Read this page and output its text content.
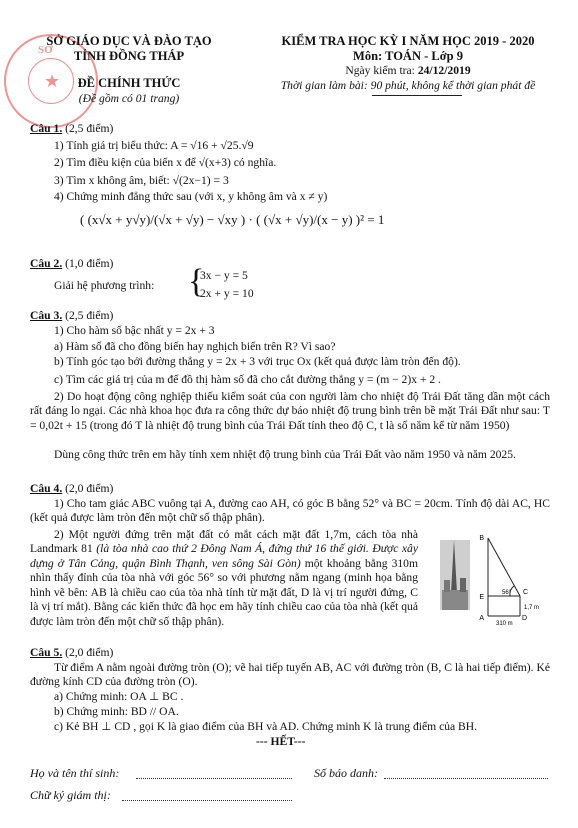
SỞ
★
SỞ GIÁO DỤC VÀ ĐÀO TẠO
TỈNH ĐỒNG THÁP
ĐỀ CHÍNH THỨC
(Đề gồm có 01 trang)
KIỂM TRA HỌC KỲ I NĂM HỌC 2019 - 2020
Môn: TOÁN - Lớp 9
Ngày kiểm tra: 24/12/2019
Thời gian làm bài: 90 phút, không kể thời gian phát đề
Câu 1. (2,5 điểm)
1) Tính giá trị biểu thức: A = √16 + √25.√9
2) Tìm điều kiện của biến x để √(x+3) có nghĩa.
3) Tìm x không âm, biết: √(2x−1) = 3
4) Chứng minh đẳng thức sau (với x, y không âm và x ≠ y)
( (x√x + y√y)/(√x + √y) − √xy ) · ( (√x + √y)/(x − y) )² = 1
Câu 2. (1,0 điểm)
Giải hệ phương trình: {
3x − y = 5
2x + y = 10
Câu 3. (2,5 điểm)
1) Cho hàm số bậc nhất y = 2x + 3
a) Hàm số đã cho đồng biến hay nghịch biến trên R? Vì sao?
b) Tính góc tạo bởi đường thẳng y = 2x + 3 với trục Ox (kết quả được làm tròn đến độ).
c) Tìm các giá trị của m để đồ thị hàm số đã cho cắt đường thẳng y = (m − 2)x + 2 .
2) Do hoạt động công nghiệp thiếu kiểm soát của con người làm cho nhiệt độ Trái Đất tăng dần một cách rất đáng lo ngại. Các nhà khoa học đưa ra công thức dự báo nhiệt độ trung bình trên bề mặt Trái Đất như sau: T = 0,02t + 15 (trong đó T là nhiệt độ trung bình của Trái Đất tính theo độ C, t là số năm kể từ năm 1950)
Dùng công thức trên em hãy tính xem nhiệt độ trung bình của Trái Đất vào năm 1950 và năm 2025.
Câu 4. (2,0 điểm)
1) Cho tam giác ABC vuông tại A, đường cao AH, có góc B bằng 52° và BC = 20cm. Tính độ dài AC, HC (kết quả được làm tròn đến một chữ số thập phân).
2) Một người đứng trên mặt đất có mắt cách mặt đất 1,7m, cách tòa nhà Landmark 81 (là tòa nhà cao thứ 2 Đông Nam Á, đứng thứ 16 thế giới. Được xây dựng ở Tân Cảng, quận Bình Thạnh, ven sông Sài Gòn) một khoảng bằng 310m nhìn thấy đỉnh của tòa nhà với góc 56° so với phương nằm ngang (minh họa bằng hình vẽ bên: AB là chiều cao của tòa nhà tính từ mặt đất, D là vị trí người đứng, C là vị trí mắt). Bằng các kiến thức đã học em hãy tính chiều cao của tòa nhà (kết quả được làm tròn đến một chữ số thập phân).
B
E
C
A	D
56°
1,7 m
310 m
Câu 5. (2,0 điểm)
Từ điểm A nằm ngoài đường tròn (O); vẽ hai tiếp tuyến AB, AC với đường tròn (B, C là hai tiếp điểm). Kẻ đường kính CD của đường tròn (O).
a) Chứng minh: OA ⊥ BC .
b) Chứng minh: BD // OA.
c) Kẻ BH ⊥ CD , gọi K là giao điểm của BH và AD. Chứng minh K là trung điểm của BH.
--- HẾT---
Họ và tên thí sinh:	Số báo danh:
Chữ ký giám thị:
